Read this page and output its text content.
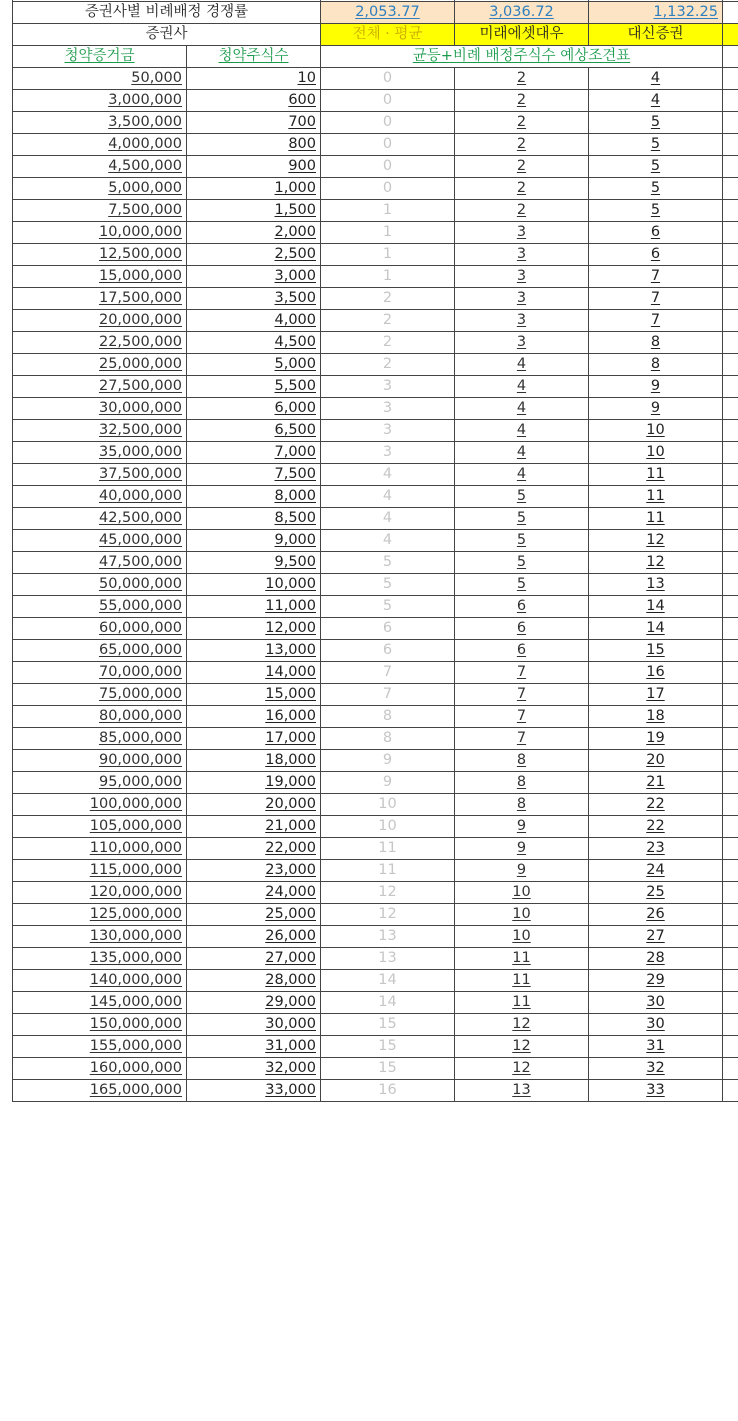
증권사별 비례배정 경쟁률		2,053.77	3,036.72	1,132.25	
증권사		전체 · 평균	미래에셋대우	대신증권	
청약증거금	청약주식수	균등+비례 배정주식수 예상조견표			
50,000	10	0	2	4	
3,000,000	600	0	2	4	
3,500,000	700	0	2	5	
4,000,000	800	0	2	5	
4,500,000	900	0	2	5	
5,000,000	1,000	0	2	5	
7,500,000	1,500	1	2	5	
10,000,000	2,000	1	3	6	
12,500,000	2,500	1	3	6	
15,000,000	3,000	1	3	7	
17,500,000	3,500	2	3	7	
20,000,000	4,000	2	3	7	
22,500,000	4,500	2	3	8	
25,000,000	5,000	2	4	8	
27,500,000	5,500	3	4	9	
30,000,000	6,000	3	4	9	
32,500,000	6,500	3	4	10	
35,000,000	7,000	3	4	10	
37,500,000	7,500	4	4	11	
40,000,000	8,000	4	5	11	
42,500,000	8,500	4	5	11	
45,000,000	9,000	4	5	12	
47,500,000	9,500	5	5	12	
50,000,000	10,000	5	5	13	
55,000,000	11,000	5	6	14	
60,000,000	12,000	6	6	14	
65,000,000	13,000	6	6	15	
70,000,000	14,000	7	7	16	
75,000,000	15,000	7	7	17	
80,000,000	16,000	8	7	18	
85,000,000	17,000	8	7	19	
90,000,000	18,000	9	8	20	
95,000,000	19,000	9	8	21	
100,000,000	20,000	10	8	22	
105,000,000	21,000	10	9	22	
110,000,000	22,000	11	9	23	
115,000,000	23,000	11	9	24	
120,000,000	24,000	12	10	25	
125,000,000	25,000	12	10	26	
130,000,000	26,000	13	10	27	
135,000,000	27,000	13	11	28	
140,000,000	28,000	14	11	29	
145,000,000	29,000	14	11	30	
150,000,000	30,000	15	12	30	
155,000,000	31,000	15	12	31	
160,000,000	32,000	15	12	32	
165,000,000	33,000	16	13	33	
